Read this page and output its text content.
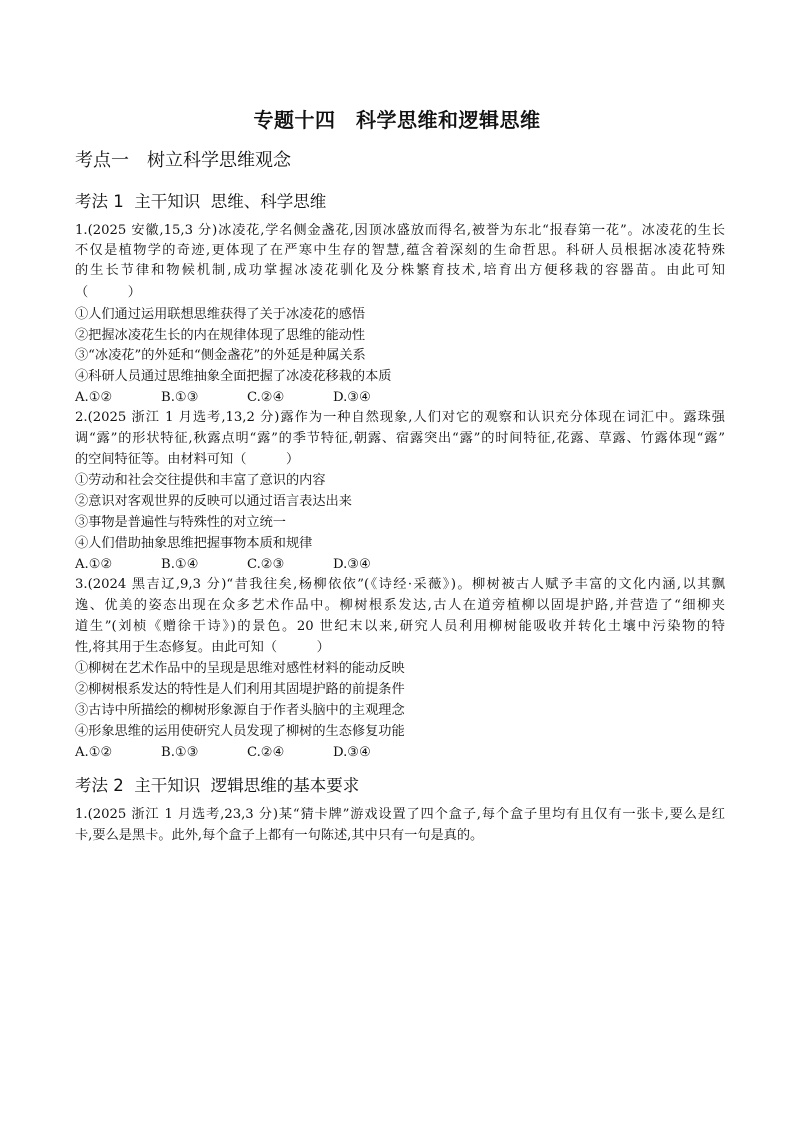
专题十四　科学思维和逻辑思维
考点一　树立科学思维观念
考法 1  主干知识  思维、科学思维
1.(2025 安徽,15,3 分)冰凌花,学名侧金盏花,因顶冰盛放而得名,被誉为东北“报春第一花”。冰凌花的生长
不仅是植物学的奇迹,更体现了在严寒中生存的智慧,蕴含着深刻的生命哲思。科研人员根据冰凌花特殊
的生长节律和物候机制,成功掌握冰凌花驯化及分株繁育技术,培育出方便移栽的容器苗。由此可知
（　　　）
①人们通过运用联想思维获得了关于冰凌花的感悟
②把握冰凌花生长的内在规律体现了思维的能动性
③“冰凌花”的外延和“侧金盏花”的外延是种属关系
④科研人员通过思维抽象全面把握了冰凌花移栽的本质
A.①②	B.①③	C.②④	D.③④
2.(2025 浙江 1 月选考,13,2 分)露作为一种自然现象,人们对它的观察和认识充分体现在词汇中。露珠强
调“露”的形状特征,秋露点明“露”的季节特征,朝露、宿露突出“露”的时间特征,花露、草露、竹露体现“露”
的空间特征等。由材料可知（　　　）
①劳动和社会交往提供和丰富了意识的内容
②意识对客观世界的反映可以通过语言表达出来
③事物是普遍性与特殊性的对立统一
④人们借助抽象思维把握事物本质和规律
A.①②	B.①④	C.②③	D.③④
3.(2024 黑吉辽,9,3 分)“昔我往矣,杨柳依依”(《诗经·采薇》)。柳树被古人赋予丰富的文化内涵,以其飘
逸、优美的姿态出现在众多艺术作品中。柳树根系发达,古人在道旁植柳以固堤护路,并营造了“细柳夹
道生”(刘桢《赠徐干诗》)的景色。20 世纪末以来,研究人员利用柳树能吸收并转化土壤中污染物的特
性,将其用于生态修复。由此可知（　　　）
①柳树在艺术作品中的呈现是思维对感性材料的能动反映
②柳树根系发达的特性是人们利用其固堤护路的前提条件
③古诗中所描绘的柳树形象源自于作者头脑中的主观理念
④形象思维的运用使研究人员发现了柳树的生态修复功能
A.①②	B.①③	C.②④	D.③④
考法 2  主干知识  逻辑思维的基本要求
1.(2025 浙江 1 月选考,23,3 分)某“猜卡牌”游戏设置了四个盒子,每个盒子里均有且仅有一张卡,要么是红
卡,要么是黑卡。此外,每个盒子上都有一句陈述,其中只有一句是真的。
